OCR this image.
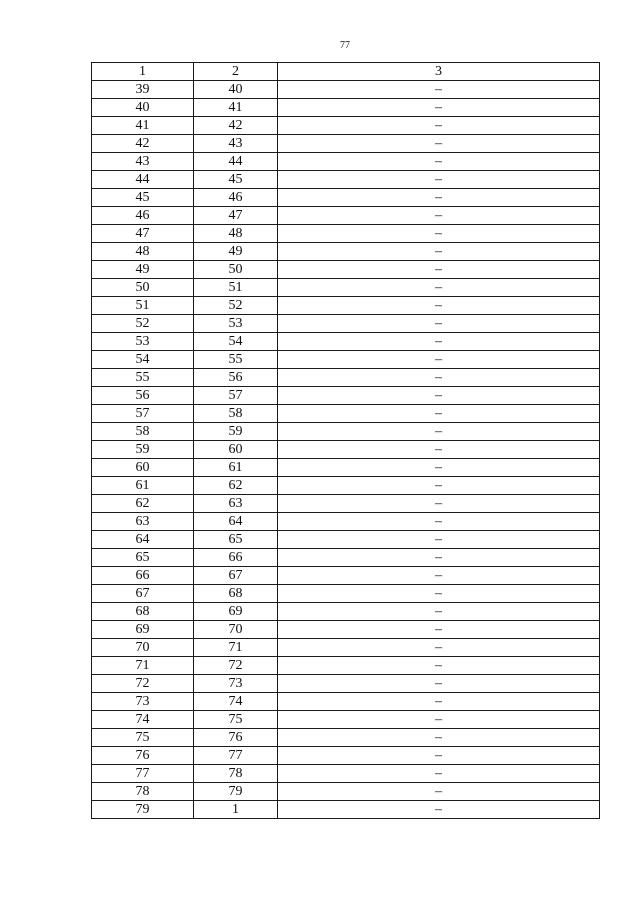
77
1	2	3
39	40	–
40	41	–
41	42	–
42	43	–
43	44	–
44	45	–
45	46	–
46	47	–
47	48	–
48	49	–
49	50	–
50	51	–
51	52	–
52	53	–
53	54	–
54	55	–
55	56	–
56	57	–
57	58	–
58	59	–
59	60	–
60	61	–
61	62	–
62	63	–
63	64	–
64	65	–
65	66	–
66	67	–
67	68	–
68	69	–
69	70	–
70	71	–
71	72	–
72	73	–
73	74	–
74	75	–
75	76	–
76	77	–
77	78	–
78	79	–
79	1	–
